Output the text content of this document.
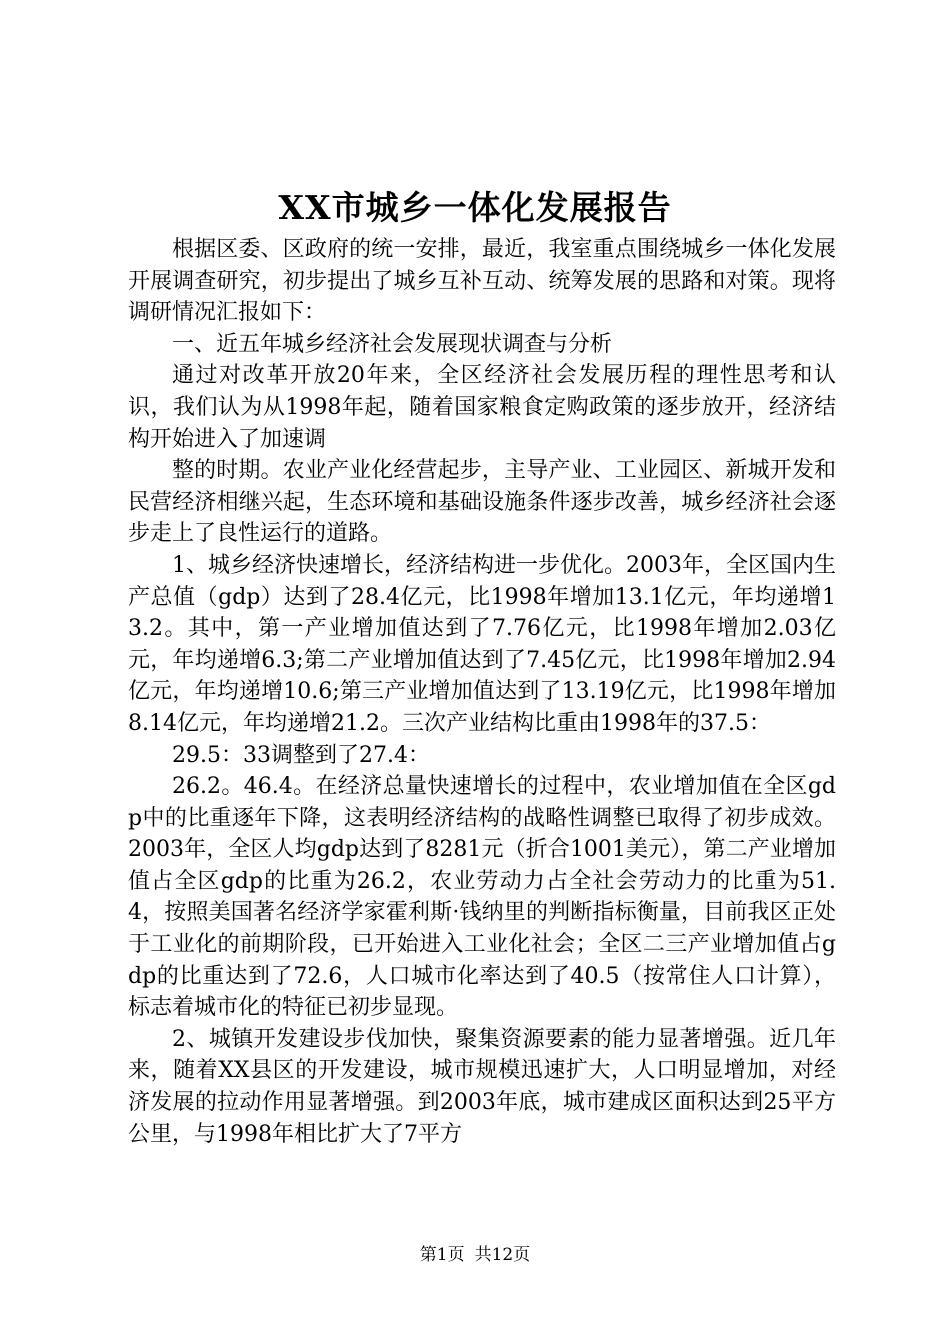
XX市城乡一体化发展报告

根据区委、区政府的统一安排，最近，我室重点围绕城乡一体化发展开展调查研究，初步提出了城乡互补互动、统筹发展的思路和对策。现将调研情况汇报如下：

一、近五年城乡经济社会发展现状调查与分析

通过对改革开放20年来，全区经济社会发展历程的理性思考和认识，我们认为从1998年起，随着国家粮食定购政策的逐步放开，经济结构开始进入了加速调

整的时期。农业产业化经营起步，主导产业、工业园区、新城开发和民营经济相继兴起，生态环境和基础设施条件逐步改善，城乡经济社会逐步走上了良性运行的道路。

1、城乡经济快速增长，经济结构进一步优化。2003年，全区国内生产总值（gdp）达到了28.4亿元，比1998年增加13.1亿元，年均递增13.2。其中，第一产业增加值达到了7.76亿元，比1998年增加2.03亿元，年均递增6.3;第二产业增加值达到了7.45亿元，比1998年增加2.94亿元，年均递增10.6;第三产业增加值达到了13.19亿元，比1998年增加8.14亿元，年均递增21.2。三次产业结构比重由1998年的37.5：

29.5：33调整到了27.4：

26.2。46.4。在经济总量快速增长的过程中，农业增加值在全区gdp中的比重逐年下降，这表明经济结构的战略性调整已取得了初步成效。2003年，全区人均gdp达到了8281元（折合1001美元），第二产业增加值占全区gdp的比重为26.2，农业劳动力占全社会劳动力的比重为51.4，按照美国著名经济学家霍利斯·钱纳里的判断指标衡量，目前我区正处于工业化的前期阶段，已开始进入工业化社会；全区二三产业增加值占gdp的比重达到了72.6，人口城市化率达到了40.5（按常住人口计算），标志着城市化的特征已初步显现。

2、城镇开发建设步伐加快，聚集资源要素的能力显著增强。近几年来，随着XX县区的开发建设，城市规模迅速扩大，人口明显增加，对经济发展的拉动作用显著增强。到2003年底，城市建成区面积达到25平方公里，与1998年相比扩大了7平方

第1页 共12页
